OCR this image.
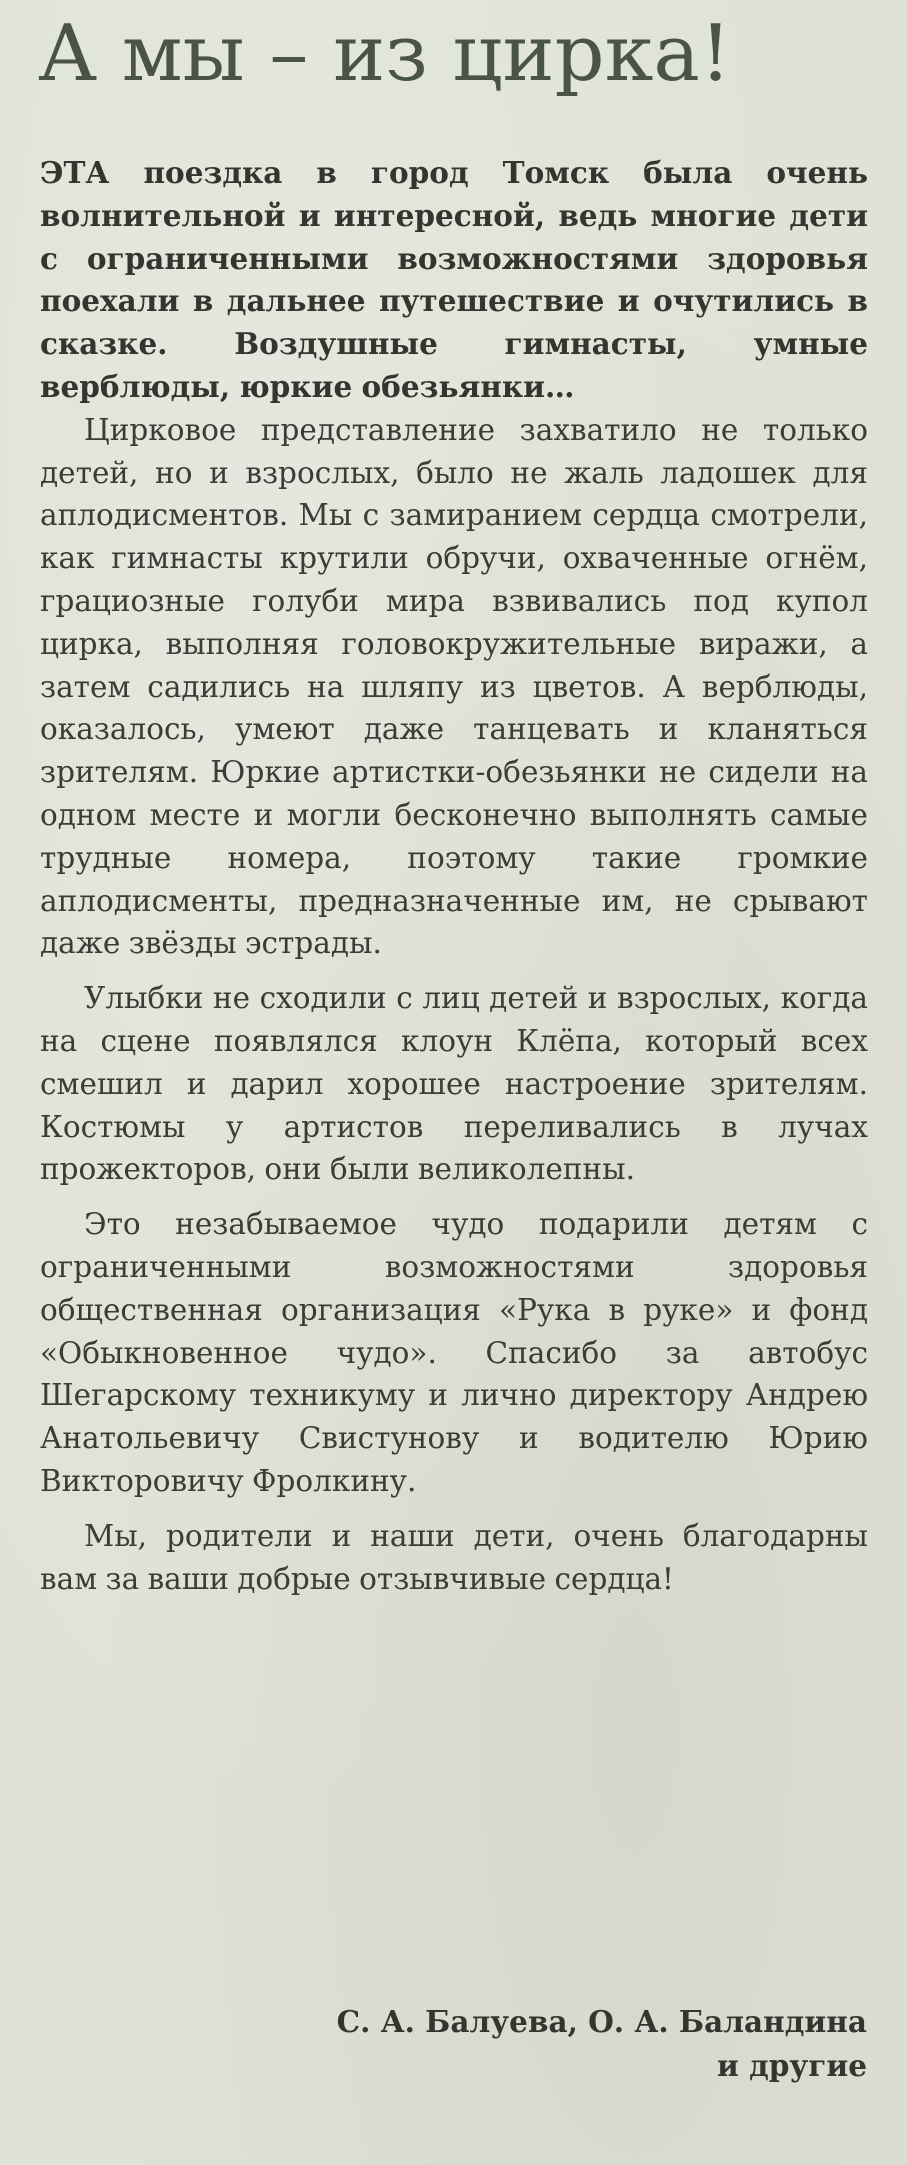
А мы – из цирка!

ЭТА поездка в город Томск была очень волнительной и интересной, ведь многие дети с ограниченными возможностями здоровья поехали в дальнее путешествие и очутились в сказке. Воздушные гимнасты, умные верблюды, юркие обезьянки…

Цирковое представление захватило не только детей, но и взрослых, было не жаль ладошек для аплодисментов. Мы с замиранием сердца смотрели, как гимнасты крутили обручи, охваченные огнём, грациозные голуби мира взвивались под купол цирка, выполняя головокружительные виражи, а затем садились на шляпу из цветов. А верблюды, оказалось, умеют даже танцевать и кланяться зрителям. Юркие артистки-обезьянки не сидели на одном месте и могли бесконечно выполнять самые трудные номера, поэтому такие громкие аплодисменты, предназначенные им, не срывают даже звёзды эстрады.

Улыбки не сходили с лиц детей и взрослых, когда на сцене появлялся клоун Клёпа, который всех смешил и дарил хорошее настроение зрителям. Костюмы у артистов переливались в лучах прожекторов, они были великолепны.

Это незабываемое чудо подарили детям с ограниченными возможностями здоровья общественная организация «Рука в руке» и фонд «Обыкновенное чудо». Спасибо за автобус Шегарскому техникуму и лично директору Андрею Анатольевичу Свистунову и водителю Юрию Викторовичу Фролкину.

Мы, родители и наши дети, очень благодарны вам за ваши добрые отзывчивые сердца!

С. А. Балуева, О. А. Баландина
и другие
